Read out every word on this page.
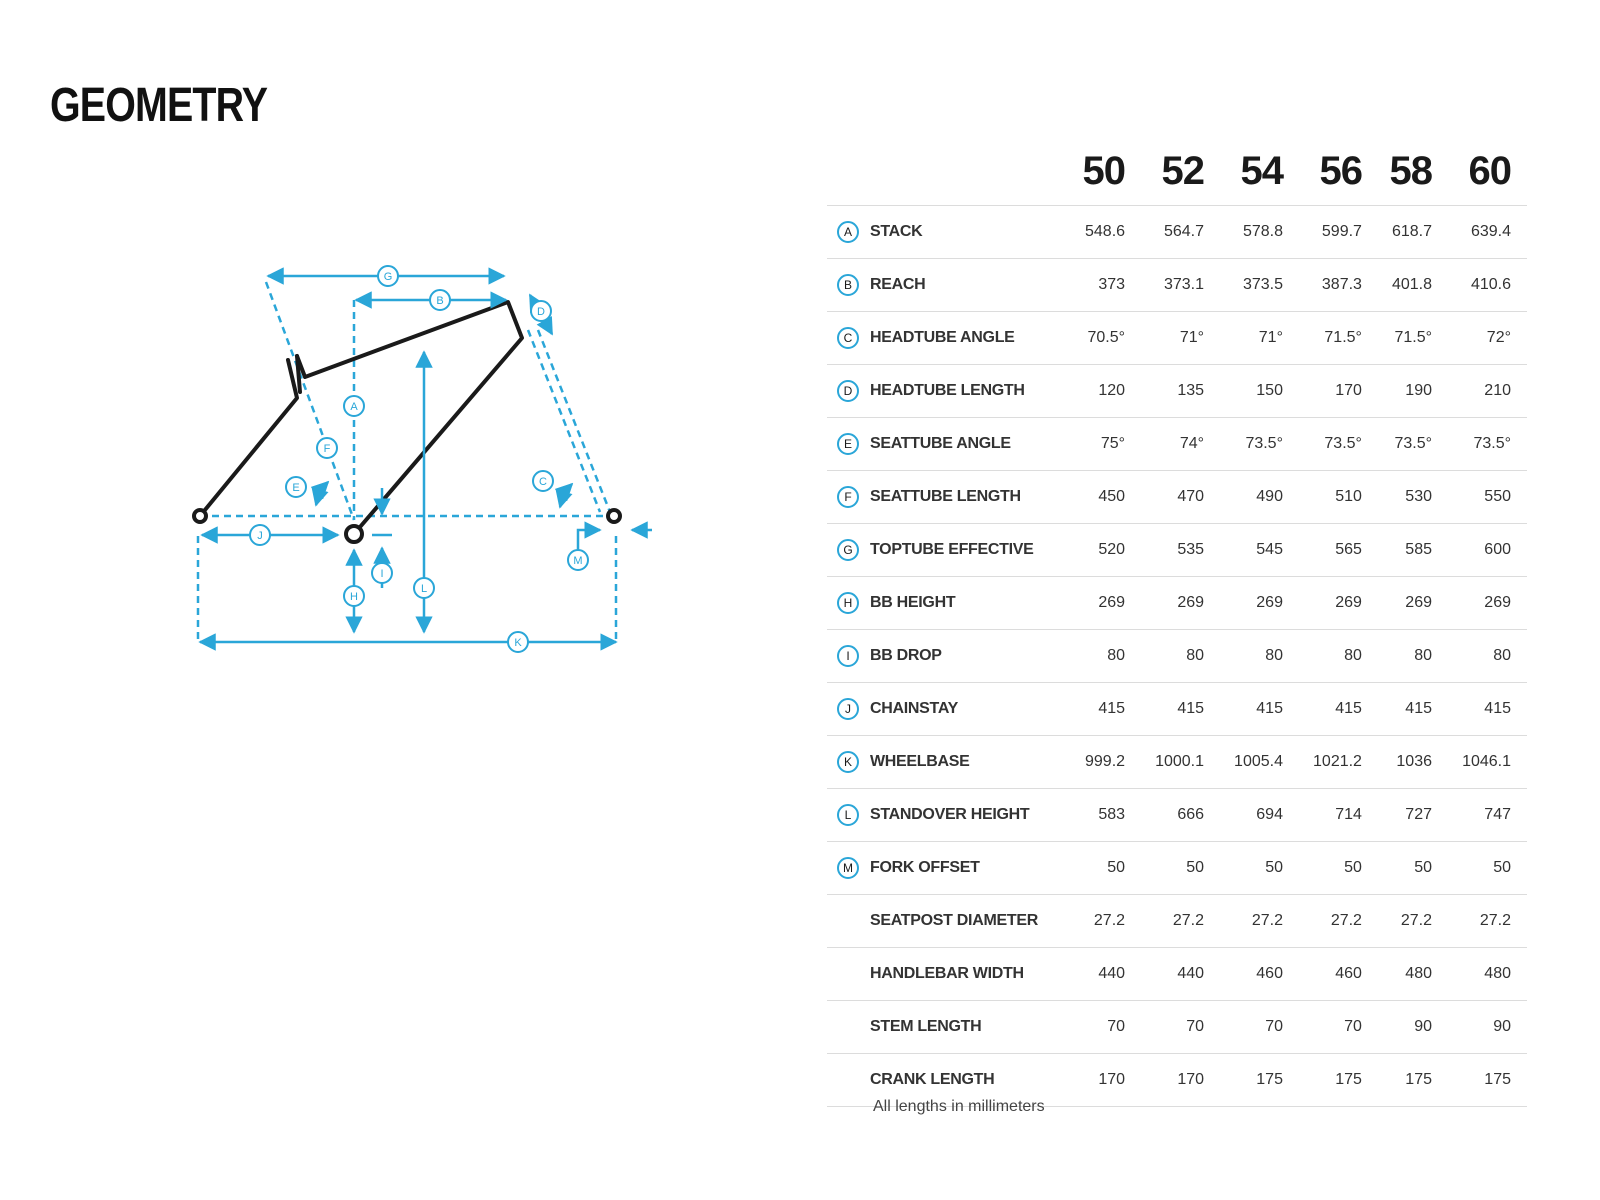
GEOMETRY
G
B
D
A
F
E	C
J
I
H
L
M
K
		50	52	54	56	58	60
A	STACK	548.6	564.7	578.8	599.7	618.7	639.4
B	REACH	373	373.1	373.5	387.3	401.8	410.6
C	HEADTUBE ANGLE	70.5°	71°	71°	71.5°	71.5°	72°
D	HEADTUBE LENGTH	120	135	150	170	190	210
E	SEATTUBE ANGLE	75°	74°	73.5°	73.5°	73.5°	73.5°
F	SEATTUBE LENGTH	450	470	490	510	530	550
G	TOPTUBE EFFECTIVE	520	535	545	565	585	600
H	BB HEIGHT	269	269	269	269	269	269
I	BB DROP	80	80	80	80	80	80
J	CHAINSTAY	415	415	415	415	415	415
K	WHEELBASE	999.2	1000.1	1005.4	1021.2	1036	1046.1
L	STANDOVER HEIGHT	583	666	694	714	727	747
M	FORK OFFSET	50	50	50	50	50	50
	SEATPOST DIAMETER	27.2	27.2	27.2	27.2	27.2	27.2
	HANDLEBAR WIDTH	440	440	460	460	480	480
	STEM LENGTH	70	70	70	70	90	90
	CRANK LENGTH	170	170	175	175	175	175
All lengths in millimeters
